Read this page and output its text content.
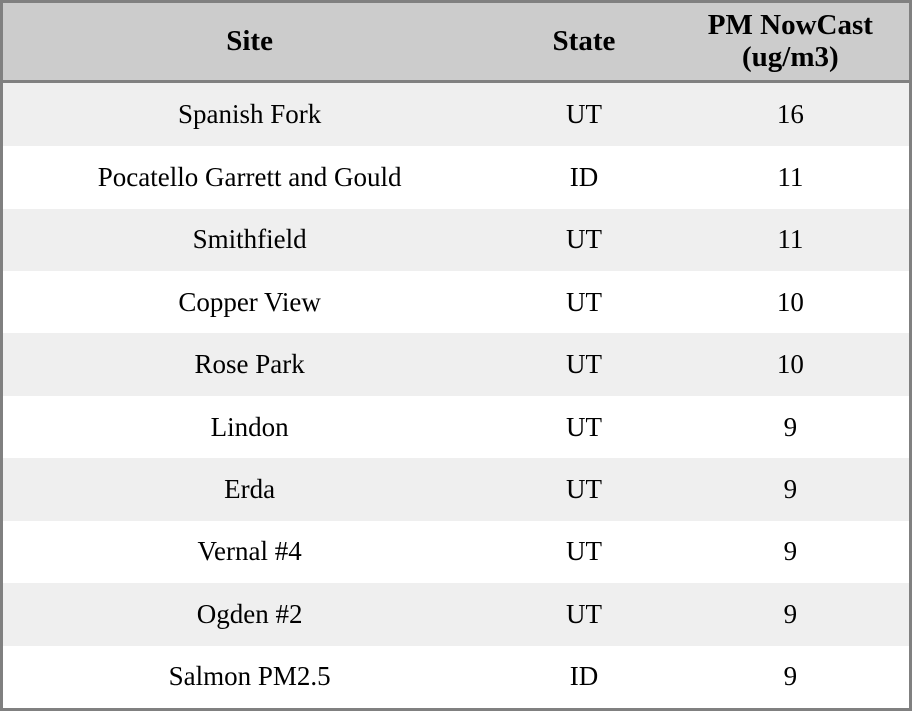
Site	State	PM NowCast (ug/m3)
Spanish Fork	UT	16
Pocatello Garrett and Gould	ID	11
Smithfield	UT	11
Copper View	UT	10
Rose Park	UT	10
Lindon	UT	9
Erda	UT	9
Vernal #4	UT	9
Ogden #2	UT	9
Salmon PM2.5	ID	9
